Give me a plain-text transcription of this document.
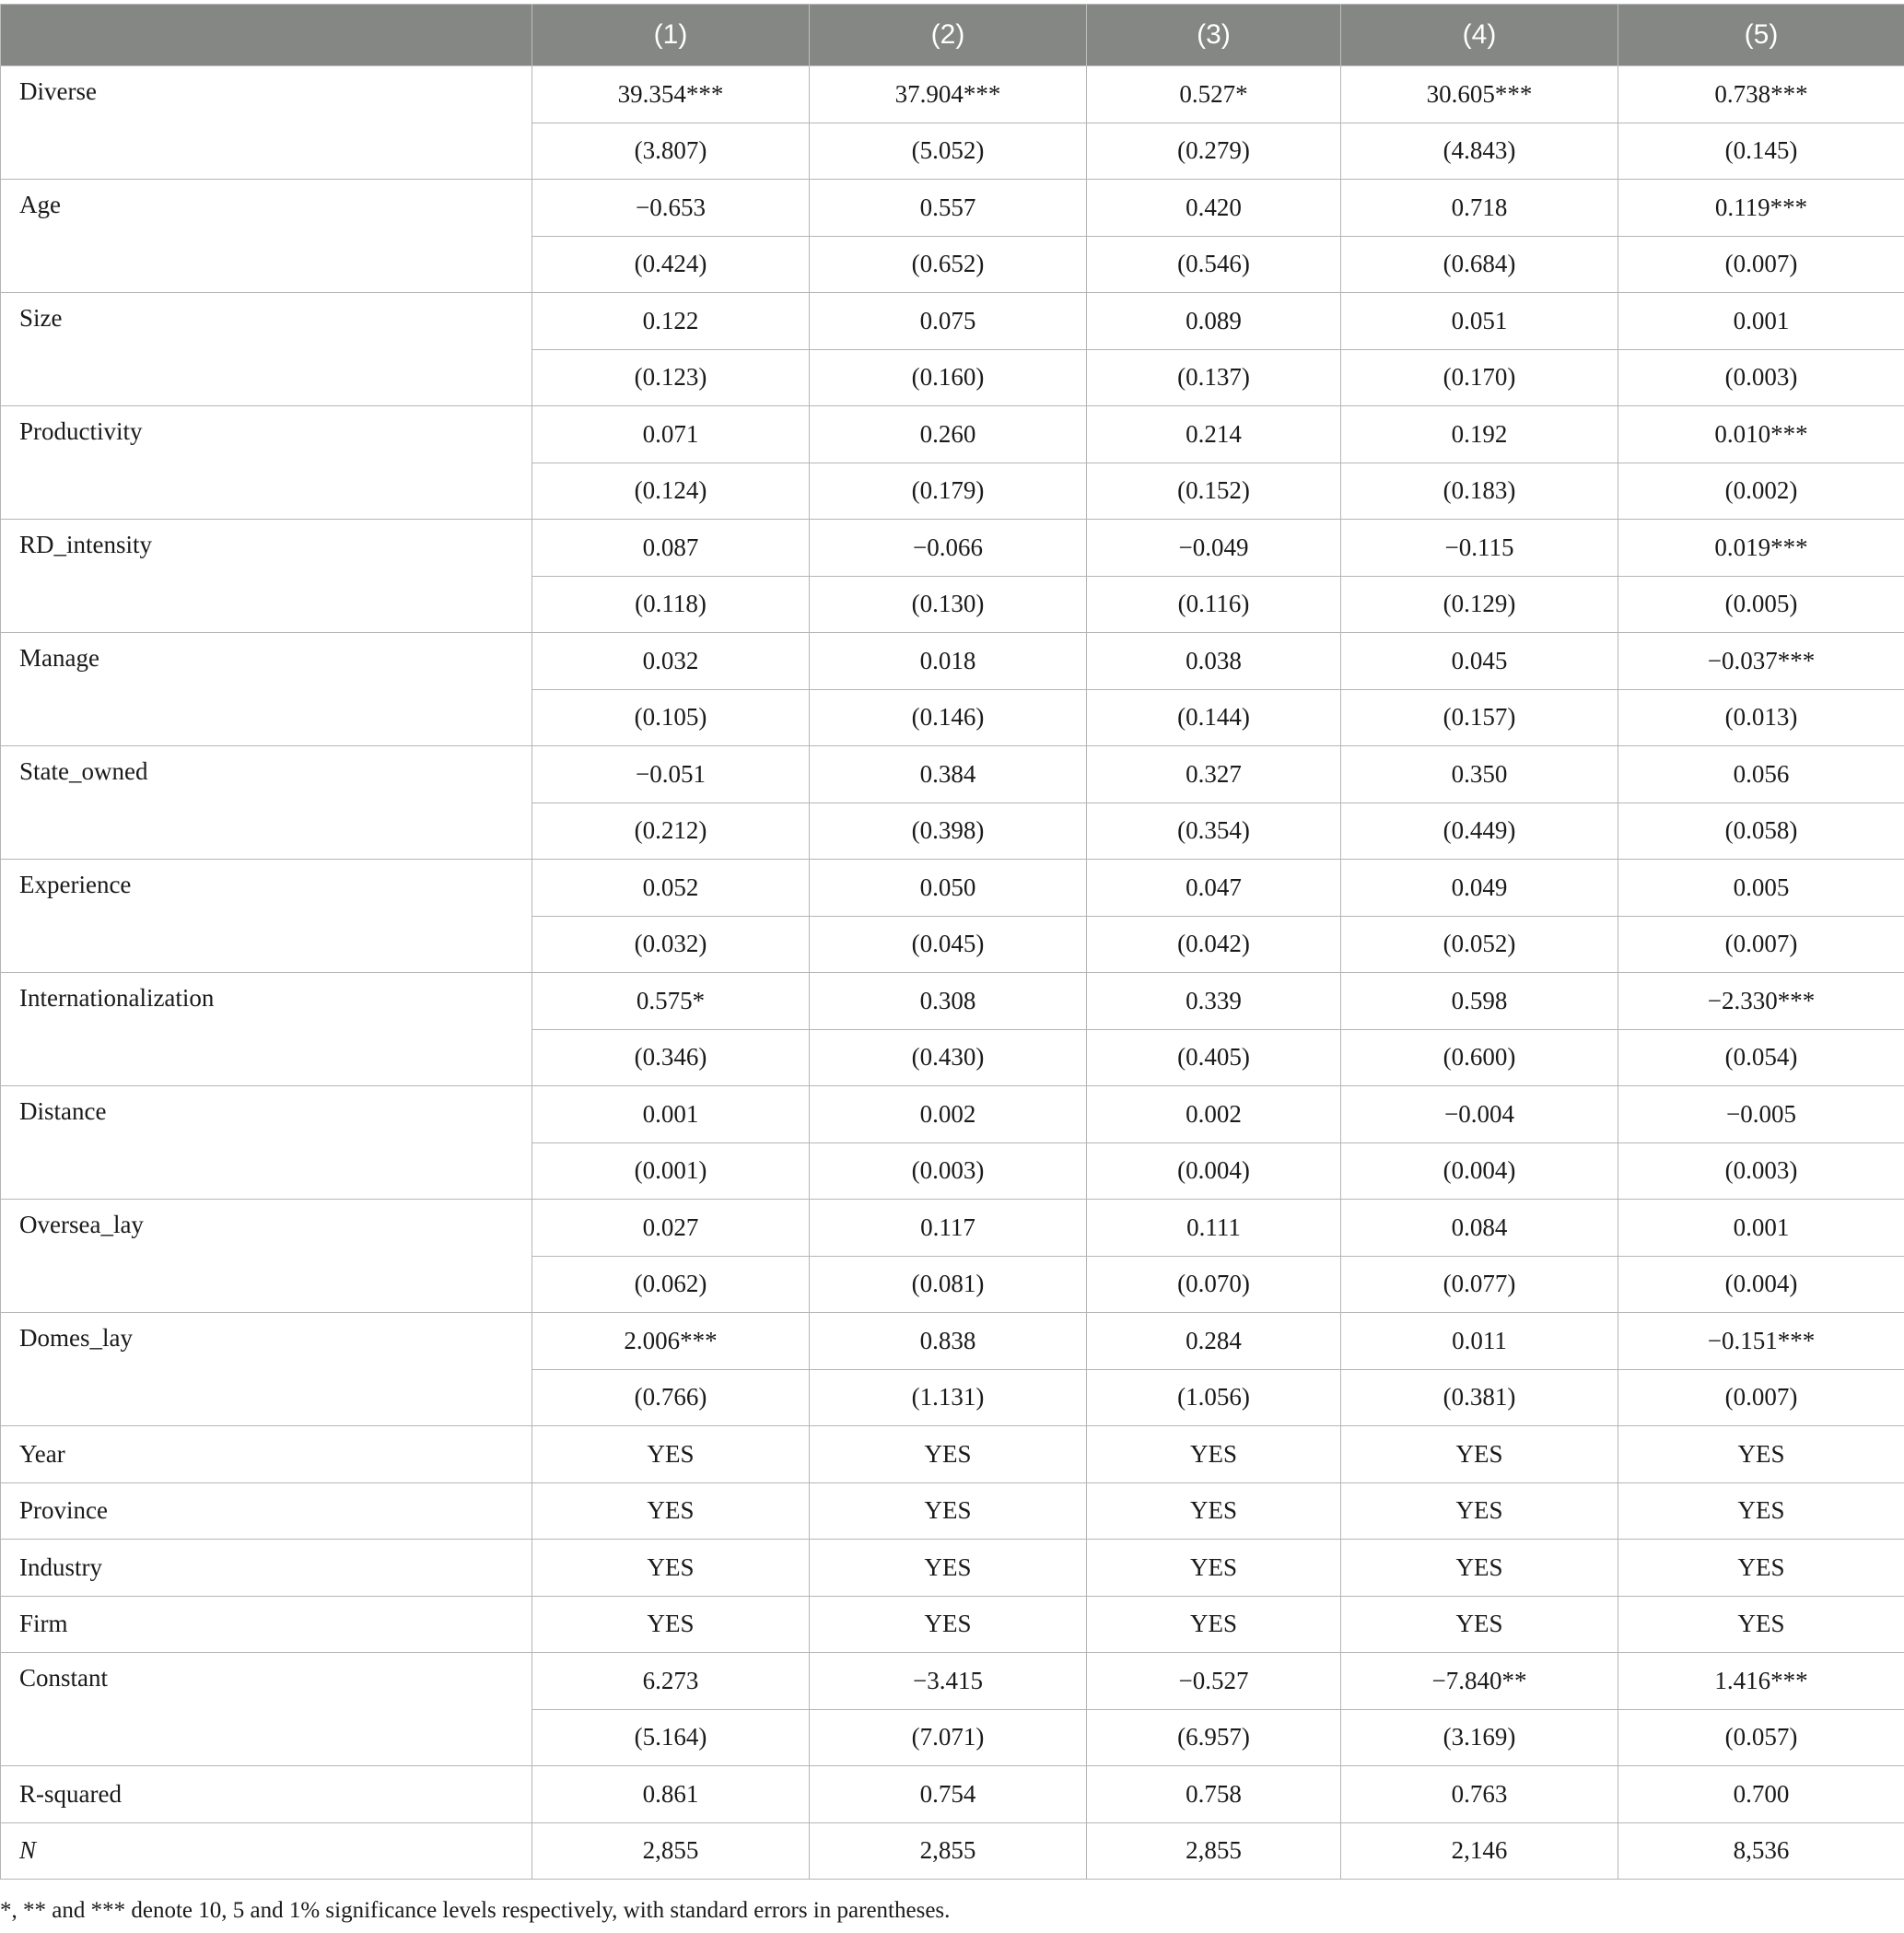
	(1)	(2)	(3)	(4)	(5)
Diverse	39.354***	37.904***	0.527*	30.605***	0.738***
	(3.807)	(5.052)	(0.279)	(4.843)	(0.145)
Age	−0.653	0.557	0.420	0.718	0.119***
	(0.424)	(0.652)	(0.546)	(0.684)	(0.007)
Size	0.122	0.075	0.089	0.051	0.001
	(0.123)	(0.160)	(0.137)	(0.170)	(0.003)
Productivity	0.071	0.260	0.214	0.192	0.010***
	(0.124)	(0.179)	(0.152)	(0.183)	(0.002)
RD_intensity	0.087	−0.066	−0.049	−0.115	0.019***
	(0.118)	(0.130)	(0.116)	(0.129)	(0.005)
Manage	0.032	0.018	0.038	0.045	−0.037***
	(0.105)	(0.146)	(0.144)	(0.157)	(0.013)
State_owned	−0.051	0.384	0.327	0.350	0.056
	(0.212)	(0.398)	(0.354)	(0.449)	(0.058)
Experience	0.052	0.050	0.047	0.049	0.005
	(0.032)	(0.045)	(0.042)	(0.052)	(0.007)
Internationalization	0.575*	0.308	0.339	0.598	−2.330***
	(0.346)	(0.430)	(0.405)	(0.600)	(0.054)
Distance	0.001	0.002	0.002	−0.004	−0.005
	(0.001)	(0.003)	(0.004)	(0.004)	(0.003)
Oversea_lay	0.027	0.117	0.111	0.084	0.001
	(0.062)	(0.081)	(0.070)	(0.077)	(0.004)
Domes_lay	2.006***	0.838	0.284	0.011	−0.151***
	(0.766)	(1.131)	(1.056)	(0.381)	(0.007)
Year	YES	YES	YES	YES	YES
Province	YES	YES	YES	YES	YES
Industry	YES	YES	YES	YES	YES
Firm	YES	YES	YES	YES	YES
Constant	6.273	−3.415	−0.527	−7.840**	1.416***
	(5.164)	(7.071)	(6.957)	(3.169)	(0.057)
R-squared	0.861	0.754	0.758	0.763	0.700
N	2,855	2,855	2,855	2,146	8,536
*, ** and *** denote 10, 5 and 1% significance levels respectively, with standard errors in parentheses.
